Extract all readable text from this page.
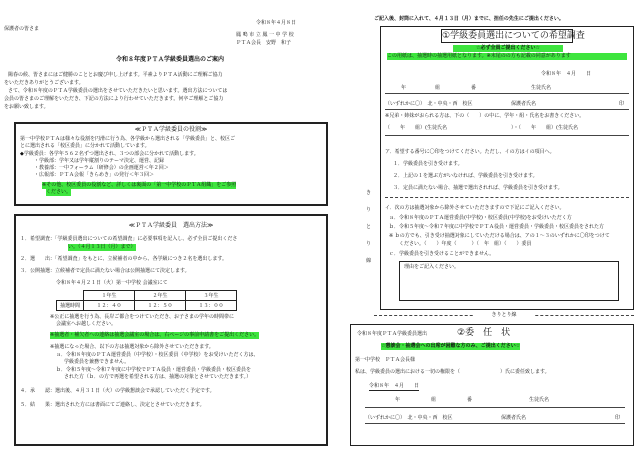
令和８年４月８日
保護者の皆さま
鳳 鳴 市 立 鳳 一 中 学 校
ＰＴＡ会長　安野　和子
令和８年度ＰＴＡ学級委員選出のご案内
陽春の候、皆さまにはご健勝のこととお慶び申し上げます。平素よりＰＴＡ活動にご理解ご協力
をいただきありがとうございます。
さて、令和８年度のＰＴＡ学級委員の選出をさせていただきたいと思います。選出方法については
会員の皆さまのご理解をいただき、下記の方法により行わせていただきます。何卒ご理解とご協力
をお願い致します。
≪ＰＴＡ学級委員の役割≫
第一中学校ＰＴＡは様々な役割を円滑に行う為、各学級から選出される「学級委員」と、校区ご
とに選出される「校区委員」に分かれて活動しています。
◆学級委員：各学年５６２名ずつ選出され、３つの部会に分かれて活動します。
・学級部：学年又は学年縦割りのテーマ決定、運営、記録
・教養部：一中フォーラム（研修会）の企画運営＜年２回＞
・広報部：ＰＴＡ会報「きらめき」の発行＜年３回＞
※その他、校区委員の役割など、詳しくは裏面の「第一中学校のＰＴＡ組織」をご参照
ください。
≪ＰＴＡ学級委員　選出方法≫
１．希望調査：「学級委員選出についての希望調査」に必要事項を記入し、必ず全員ご提出くださ
い。（４月１３日（月）まで）
２．選　　出：「希望調査」をもとに、立候補者の中から、各学級につき２名を選出します。
３．公開抽選：立候補者で定員に満たない場合は公開抽選にて決定します。
令和８年４月２１日（火）第一中学校 会議室にて
	１年生	２年生	３年生
抽選時間	１２：４０	１２：５０	１３：００
※公正に抽選を行う為、長岸ご都合をつけていただき、お子さまの学年の時間帯に
会議室へお越しください。
※抽選者・補欠者への連絡は抽選会議室の場合は、右ページの事前申請書をご提出ください。
※抽選になった場合、以下の方は抽選対象から除外させていただきます。
ａ．令和８年度のＰＴＡ運営委員（中学校）・校区委員（中学校）をお受けいただく方は、
学級委員を兼務できません。
ｂ．令和５年度〜令和７年度に中学校でＰＴＡ役員・運営委員・学級委員・校区委員を
された方（ｂ．の方で再選を希望される方は、抽選の対象とさせていただきます。）
４．承　　認：選出後、４月３１日（火）の学級懇談会で承認していただく予定です。
５．結　　果：選出された方には書面にてご連絡し、決定とさせていただきます。
き
り
と
り
線
ご記入後、封筒に入れて、４月１３日（月）までに、担任の先生にご提出ください。
①学級委員選出についての希望調査
☆必ず全員ご提出ください☆
この用紙は、抽選時の抽選用紙となります。※末尾のの方も記載の同意があります
令和８年　４月　　日
年	組	番	生徒氏名
（いずれかに〇）　北・中央・西　校区	保護者氏名	印
※兄弟・姉妹がおられる方は、下の（　　）の中に、学年・組・氏名をお書きください。
（　　年　　組）(生徒氏名	）・（　　年　　組）(生徒氏名
ア．希望する番号に〇印をつけてください。ただし、イの方はイの項目へ。
１．学級委員を引き受けます。
２．上記の１を選ぶ方がいなければ、学級委員を引き受けます。
３．定員に満たない場合、抽選で選出されれば、学級委員を引き受けます。
イ．次の方は抽選対象から除外させていただきますので下記にご記入ください。
ａ．令和８年度のＰＴＡ運営委員(中学校)・校区委員(中学校)をお受けいただく方
ｂ．令和５年度〜令和７年度に中学校でＰＴＡ役員・運営委員・学級委員・校区委員をされた方
※ ｂの方でも、引き受け抽選対象にしていただける場合は、アの１〜３のいずれかに〇印をつけて
ください。（　　）年度（　　　）（　年　組）（　　）委員
ｃ．学級委員を引き受けることができません。
理由をご記入ください。
きりとり線
令和８年度ＰＴＡ学級委員選出	②委　任　状
☆懇談会・抽選会への出席が困難な方のみ、ご提出ください☆
第一中学校　ＰＴＡ会長様
私は、学級委員の選出における一切の権限を（　　　　　　　　）氏に委任致します。
令和８年　４月　　日
年	組	番	生徒氏名
（いずれかに〇）　北・中央・西　校区	保護者氏名	印
